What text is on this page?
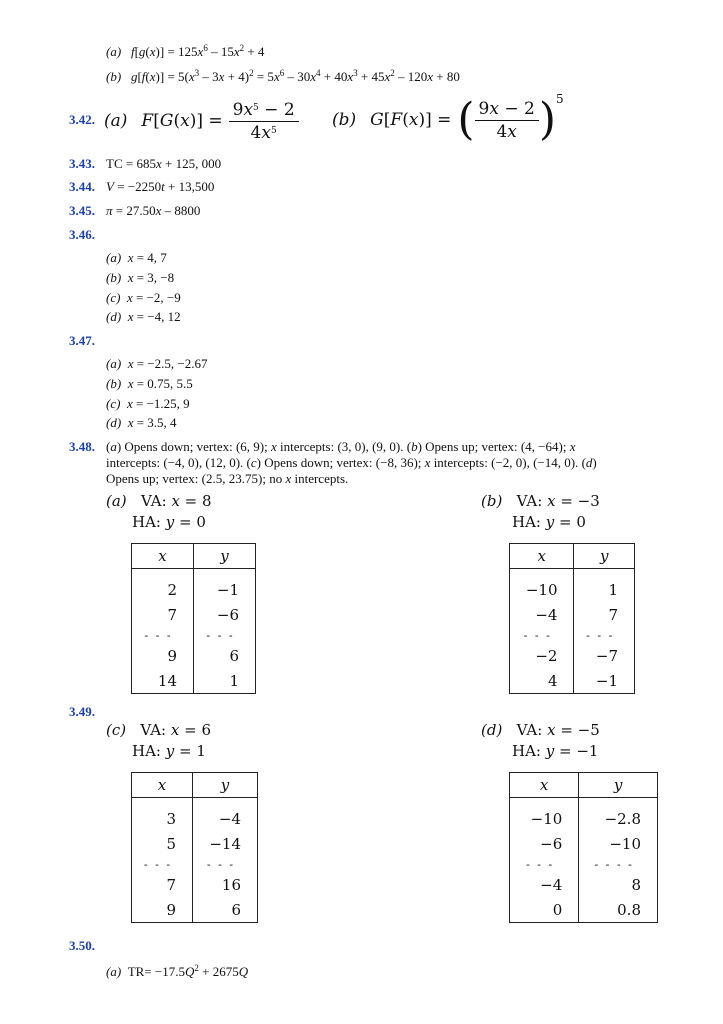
(a) $f[g(x)] = 125x^6 - 15x^2 + 4$
(b) $g[f(x)] = 5(x^3 - 3x + 4)^2 = 5x^6 - 30x^4 + 40x^3 + 45x^2 - 120x + 80$
3.42. (a) $F[G(x)] = \frac{9x^5 - 2}{4x^5} (b) G[F(x)]$ = ( $\frac{9x - 2}{4x}$ ) 5
3.43. TC = 685x + 125, 000
3.44. V = −2250t + 13,500
3.45. π = 27.50x – 8800
3.46.
(a) x = 4, 7
(b) x = 3, −8
(c) x = −2, −9
(d) x = −4, 12
3.47.
(a) x = −2.5, −2.67
(b) x = 0.75, 5.5
(c) x = −1.25, 9
(d) x = 3.5, 4
3.48. (a) Opens down; vertex: (6, 9); x intercepts: (3, 0), (9, 0). (b) Opens up; vertex: (4, −64); x intercepts: (−4, 0), (12, 0). (c) Opens down; vertex: (−8, 36); x intercepts: (−2, 0), (−14, 0). (d) Opens up; vertex: (2.5, 23.75); no x intercepts.
(a)   VA: x = 8
HA: y = 0
x	y
2	−1
7	−6
- - -	- - -
9	6
14	1
(b)   VA: x = −3
HA: y = 0
x	y
−10	1
−4	7
- - -	- - -
−2	−7
4	−1
3.49.
(c)   VA: x = 6
HA: y = 1
x	y
3	−4
5	−14
- - -	- - -
7	16
9	6
(d)   VA: x = −5
HA: y = −1
x	y
−10	−2.8
−6	−10
- - -	- - - -
−4	8
0	0.8
3.50.
(a)  $TR= -17.5Q^2 + 2675Q$
